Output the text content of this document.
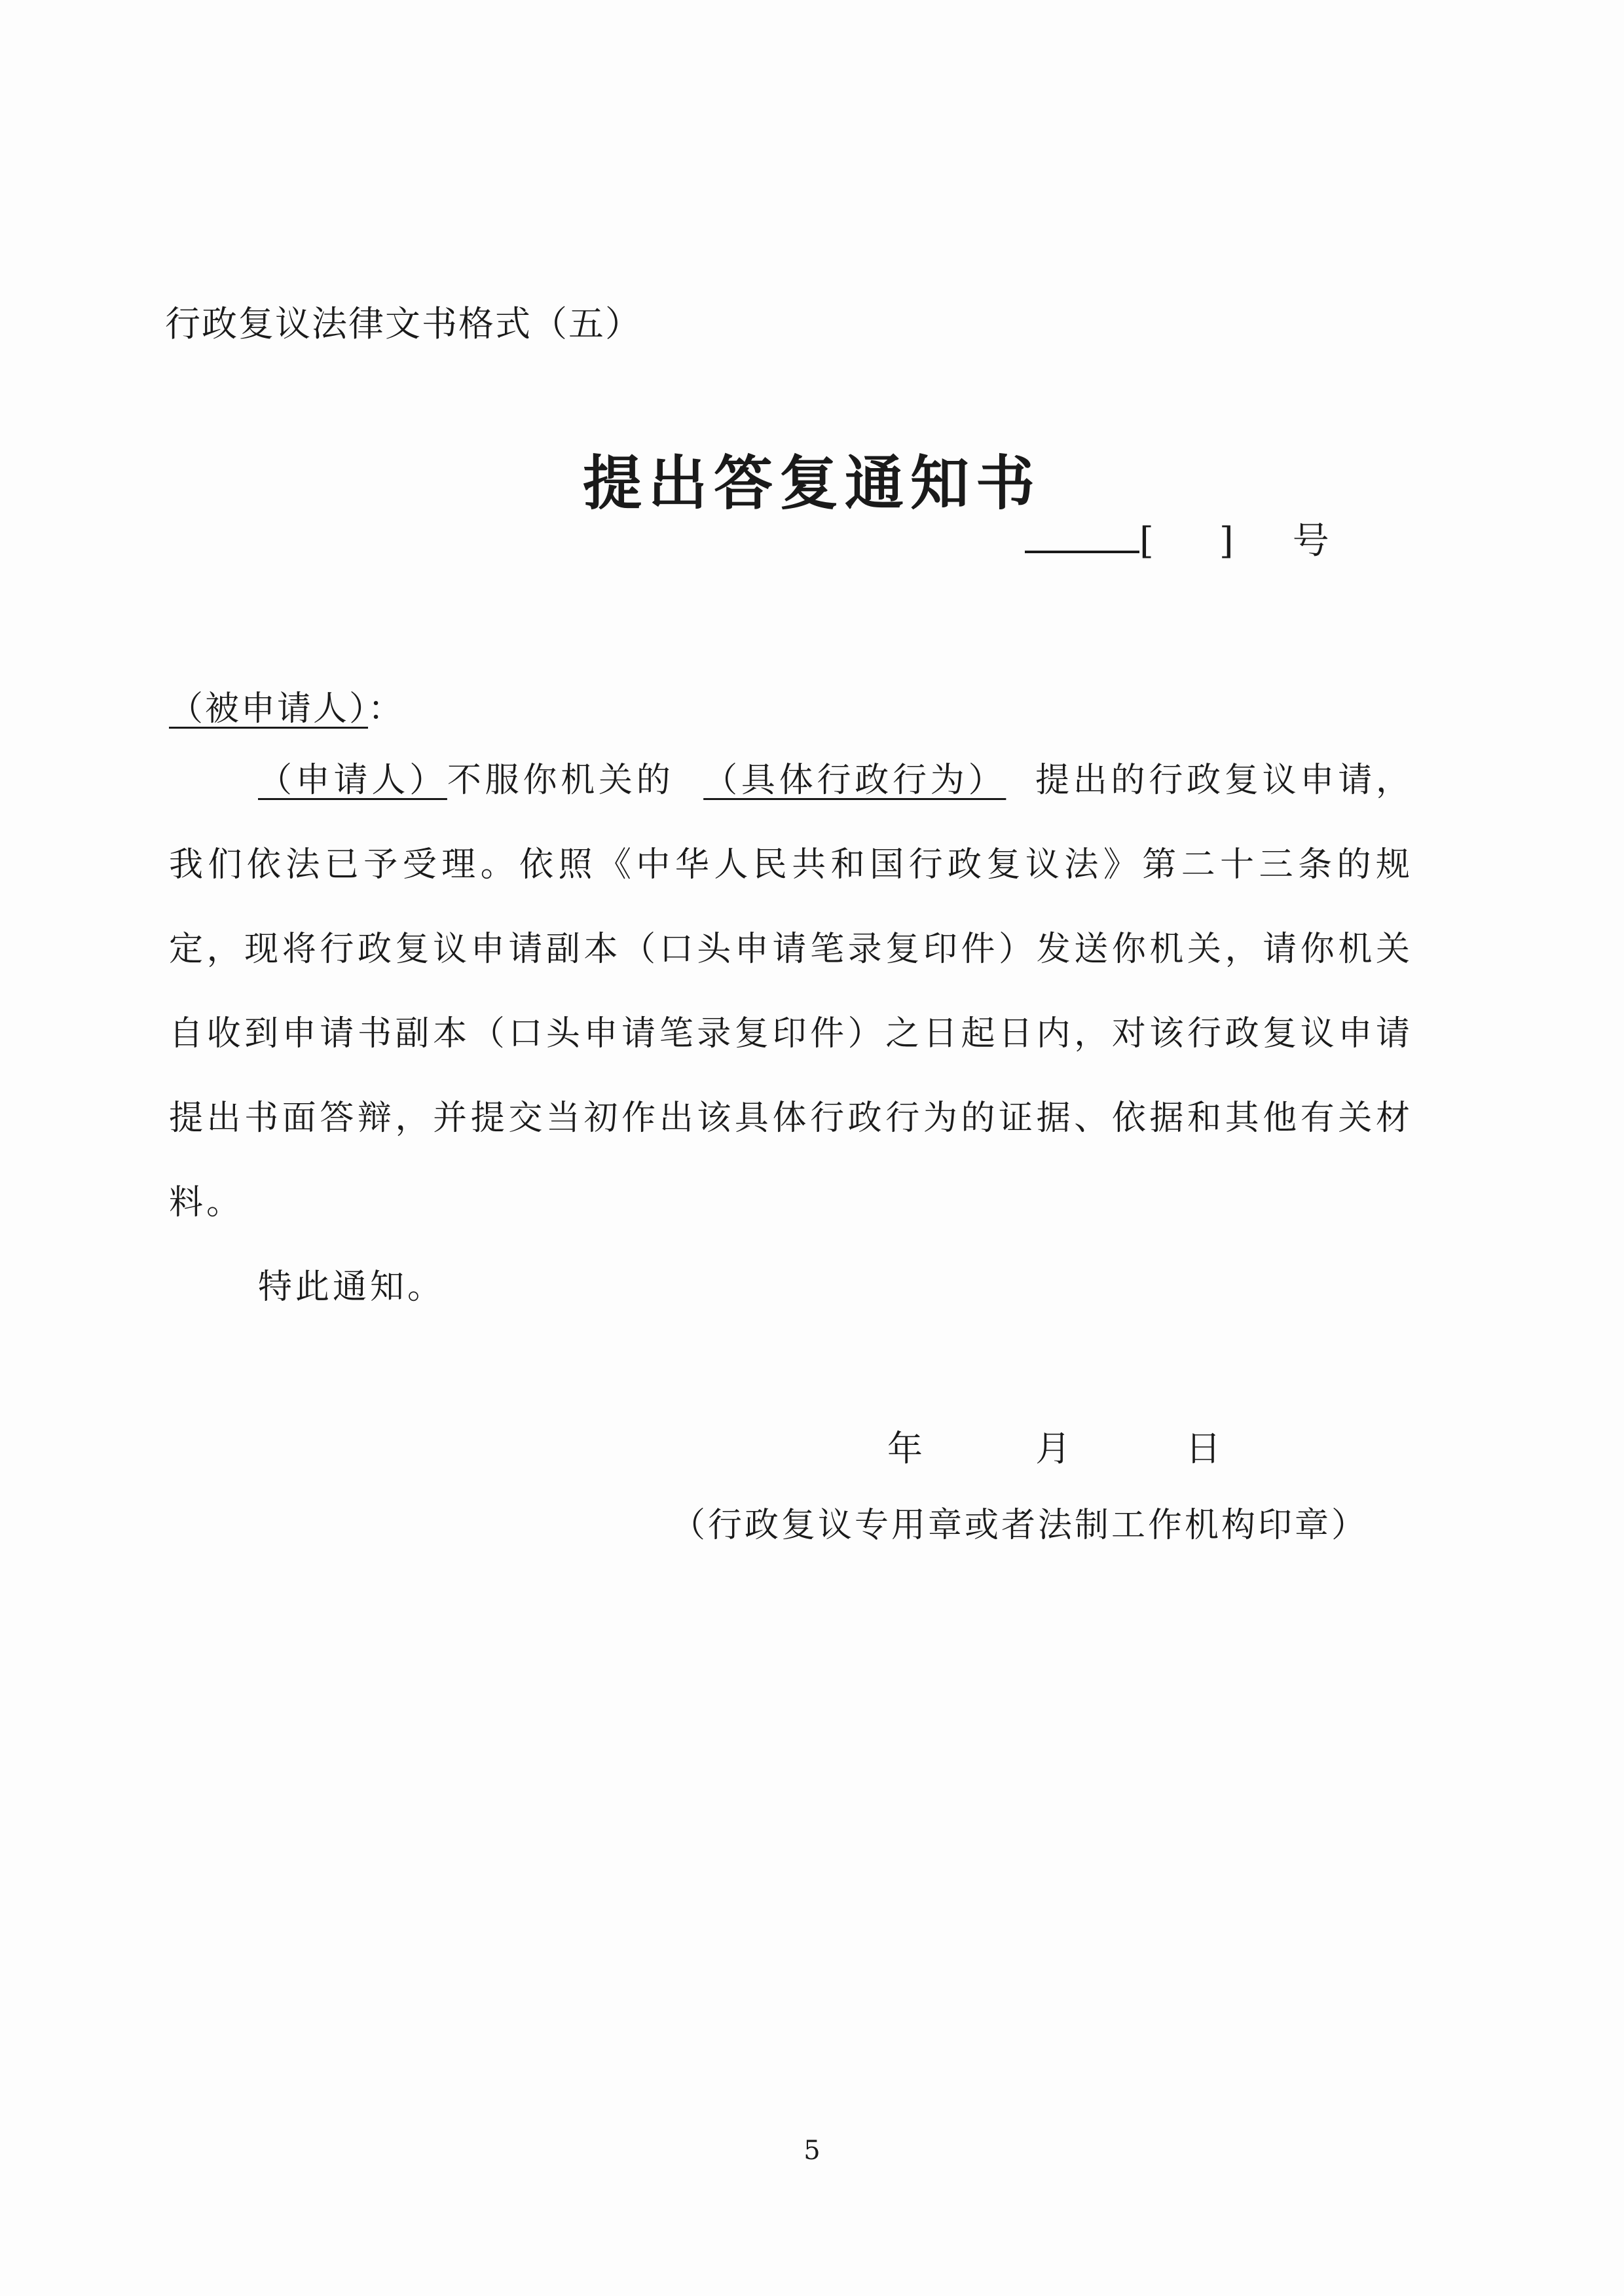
行政复议法律文书格式（五）
提出答复通知书
[ ] 号
（被申请人）：

（申请人）不服你机关的 （具体行政行为） 提出的行政复议申请，我们依法已予受理。依照《中华人民共和国行政复议法》第二十三条的规定，现将行政复议申请副本（口头申请笔录复印件）发送你机关，请你机关自收到申请书副本（口头申请笔录复印件）之日起日内，对该行政复议申请提出书面答辩，并提交当初作出该具体行政行为的证据、依据和其他有关材料。

特此通知。

年	月	日
（行政复议专用章或者法制工作机构印章）
5
